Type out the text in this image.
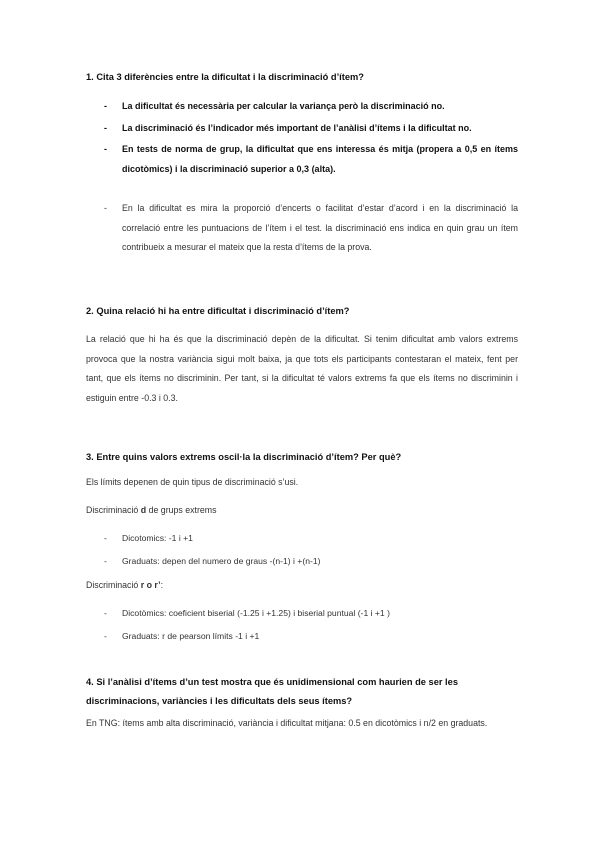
1. Cita 3 diferències entre la dificultat i la discriminació d’ítem?
- La dificultat és necessària per calcular la variança però la discriminació no.
- La discriminació és l’indicador més important de l’anàlisi d’ítems i la dificultat no.
- En tests de norma de grup, la dificultat que ens interessa és mitja (propera a 0,5 en ítems dicotòmics) i la discriminació superior a 0,3 (alta).
- En la dificultat es mira la proporció d’encerts o facilitat d’estar d’acord i en la discriminació la correlació entre les puntuacions de l’ítem i el test. la discriminació ens indica en quin grau un ítem contribueix a mesurar el mateix que la resta d’ítems de la prova.
2. Quina relació hi ha entre dificultat i discriminació d’ítem?
La relació que hi ha és que la discriminació depèn de la dificultat. Si tenim dificultat amb valors extrems provoca que la nostra variància sigui molt baixa, ja que tots els participants contestaran el mateix, fent per tant, que els ítems no discriminin. Per tant, si la dificultat té valors extrems fa que els ítems no discriminin i estiguin entre -0.3 i 0.3.
3. Entre quins valors extrems oscil·la la discriminació d’ítem? Per què?
Els límits depenen de quin tipus de discriminació s’usi.
Discriminació d de grups extrems
- Dicotomics: -1 i +1
- Graduats: depen del numero de graus -(n-1) i +(n-1)
Discriminació r o r’:
- Dicotòmics: coeficient biserial (-1.25 i +1.25) i biserial puntual (-1 i +1 )
- Graduats: r de pearson límits -1 i +1
4. Si l’anàlisi d’ítems d’un test mostra que és unidimensional com haurien de ser les discriminacions, variàncies i les dificultats dels seus ítems?
En TNG: ítems amb alta discriminació, variància i dificultat mitjana: 0.5 en dicotòmics i n/2 en graduats.
